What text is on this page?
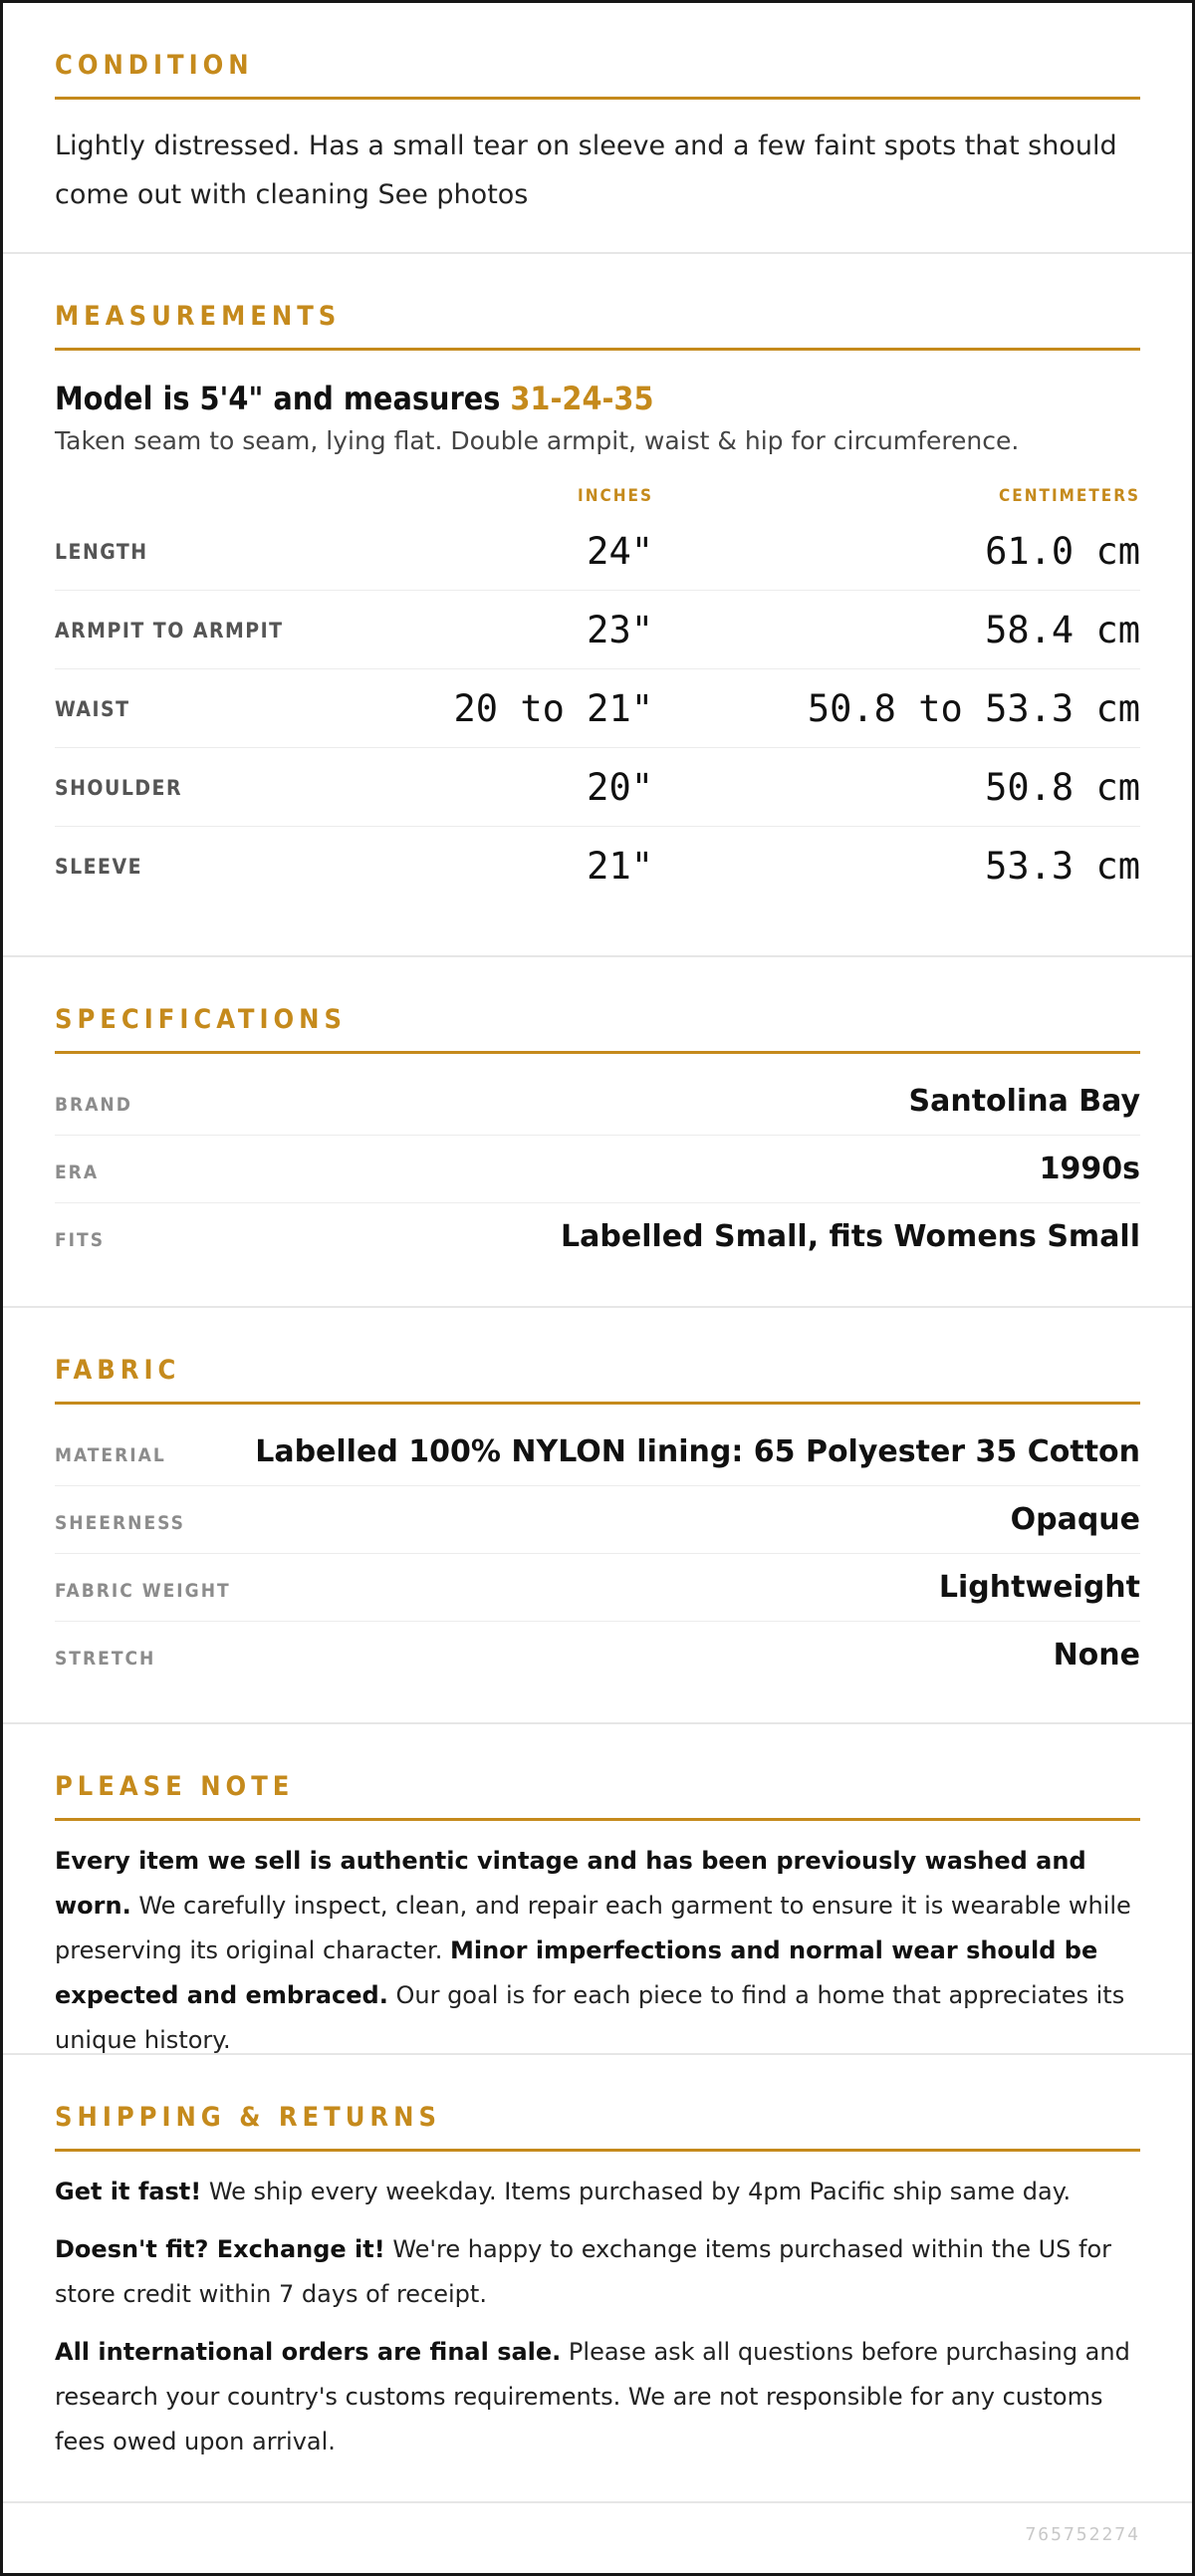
CONDITION

Lightly distressed. Has a small tear on sleeve and a few faint spots that should come out with cleaning See photos

MEASUREMENTS
Model is 5'4" and measures 31-24-35
Taken seam to seam, lying flat. Double armpit, waist & hip for circumference.
INCHES	CENTIMETERS
LENGTH	24"	61.0 cm
ARMPIT TO ARMPIT	23"	58.4 cm
WAIST	20 to 21"	50.8 to 53.3 cm
SHOULDER	20"	50.8 cm
SLEEVE	21"	53.3 cm
SPECIFICATIONS
BRAND	Santolina Bay
ERA	1990s
FITS	Labelled Small, fits Womens Small
FABRIC
MATERIAL	Labelled 100% NYLON lining: 65 Polyester 35 Cotton
SHEERNESS	Opaque
FABRIC WEIGHT	Lightweight
STRETCH	None
PLEASE NOTE

Every item we sell is authentic vintage and has been previously washed and worn. We carefully inspect, clean, and repair each garment to ensure it is wearable while preserving its original character. Minor imperfections and normal wear should be expected and embraced. Our goal is for each piece to find a home that appreciates its unique history.

SHIPPING & RETURNS

Get it fast! We ship every weekday. Items purchased by 4pm Pacific ship same day.

Doesn't fit? Exchange it! We're happy to exchange items purchased within the US for store credit within 7 days of receipt.

All international orders are final sale. Please ask all questions before purchasing and research your country's customs requirements. We are not responsible for any customs fees owed upon arrival.

765752274
